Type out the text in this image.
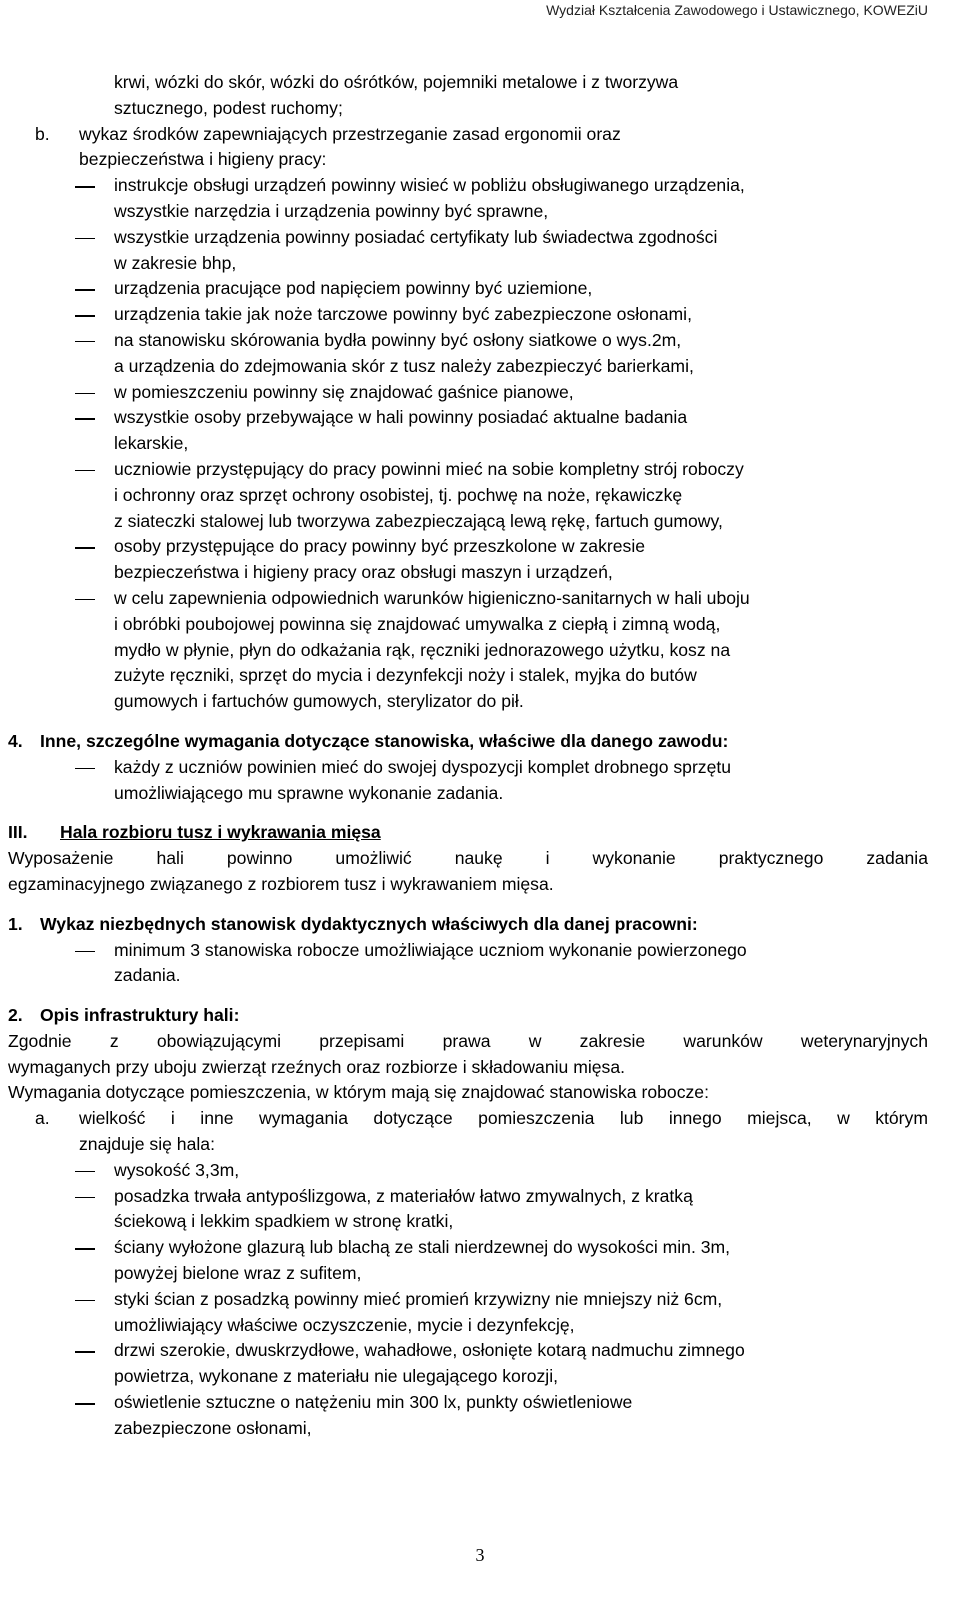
Wydział Kształcenia Zawodowego i Ustawicznego, KOWEZiU

krwi, wózki do skór, wózki do ośrótków, pojemniki metalowe i z tworzywa

sztucznego, podest ruchomy;

b.	wykaz środków zapewniających przestrzeganie zasad ergonomii oraz

bezpieczeństwa i higieny pracy:

instrukcje obsługi urządzeń powinny wisieć w pobliżu obsługiwanego urządzenia,

wszystkie narzędzia i urządzenia powinny być sprawne,

wszystkie urządzenia powinny posiadać certyfikaty lub świadectwa zgodności

w zakresie bhp,

urządzenia pracujące pod napięciem powinny być uziemione,

urządzenia takie jak noże tarczowe powinny być zabezpieczone osłonami,

na stanowisku skórowania bydła powinny być osłony siatkowe o wys.2m,

a urządzenia do zdejmowania skór z tusz należy zabezpieczyć barierkami,

w pomieszczeniu powinny się znajdować gaśnice pianowe,

wszystkie osoby przebywające w hali powinny posiadać aktualne badania

lekarskie,

uczniowie przystępujący do pracy powinni mieć na sobie kompletny strój roboczy

i ochronny oraz sprzęt ochrony osobistej, tj. pochwę na noże, rękawiczkę

z siateczki stalowej lub tworzywa zabezpieczającą lewą rękę, fartuch gumowy,

osoby przystępujące do pracy powinny być przeszkolone w zakresie

bezpieczeństwa i higieny pracy oraz obsługi maszyn i urządzeń,

w celu zapewnienia odpowiednich warunków higieniczno-sanitarnych w hali uboju

i obróbki poubojowej powinna się znajdować umywalka z ciepłą i zimną wodą,

mydło w płynie, płyn do odkażania rąk, ręczniki jednorazowego użytku, kosz na

zużyte ręczniki, sprzęt do mycia i dezynfekcji noży i stalek, myjka do butów

gumowych i fartuchów gumowych, sterylizator do pił.

4. Inne, szczególne wymagania dotyczące stanowiska, właściwe dla danego zawodu:

każdy z uczniów powinien mieć do swojej dyspozycji komplet drobnego sprzętu

umożliwiającego mu sprawne wykonanie zadania.

III. Hala rozbioru tusz i wykrawania mięsa

Wyposażenie hali powinno umożliwić naukę i wykonanie praktycznego zadania

egzaminacyjnego związanego z rozbiorem tusz i wykrawaniem mięsa.

1. Wykaz niezbędnych stanowisk dydaktycznych właściwych dla danej pracowni:

minimum 3 stanowiska robocze umożliwiające uczniom wykonanie powierzonego

zadania.

2. Opis infrastruktury hali:

Zgodnie z obowiązującymi przepisami prawa w zakresie warunków weterynaryjnych

wymaganych przy uboju zwierząt rzeźnych oraz rozbiorze i składowaniu mięsa.

Wymagania dotyczące pomieszczenia, w którym mają się znajdować stanowiska robocze:

a.	wielkość i inne wymagania dotyczące pomieszczenia lub innego miejsca, w którym

znajduje się hala:

wysokość 3,3m,

posadzka trwała antypoślizgowa, z materiałów łatwo zmywalnych, z kratką

ściekową i lekkim spadkiem w stronę kratki,

ściany wyłożone glazurą lub blachą ze stali nierdzewnej do wysokości min. 3m,

powyżej bielone wraz z sufitem,

styki ścian z posadzką powinny mieć promień krzywizny nie mniejszy niż 6cm,

umożliwiający właściwe oczyszczenie, mycie i dezynfekcję,

drzwi szerokie, dwuskrzydłowe, wahadłowe, osłonięte kotarą nadmuchu zimnego

powietrza, wykonane z materiału nie ulegającego korozji,

oświetlenie sztuczne o natężeniu min 300 lx, punkty oświetleniowe

zabezpieczone osłonami,

3
